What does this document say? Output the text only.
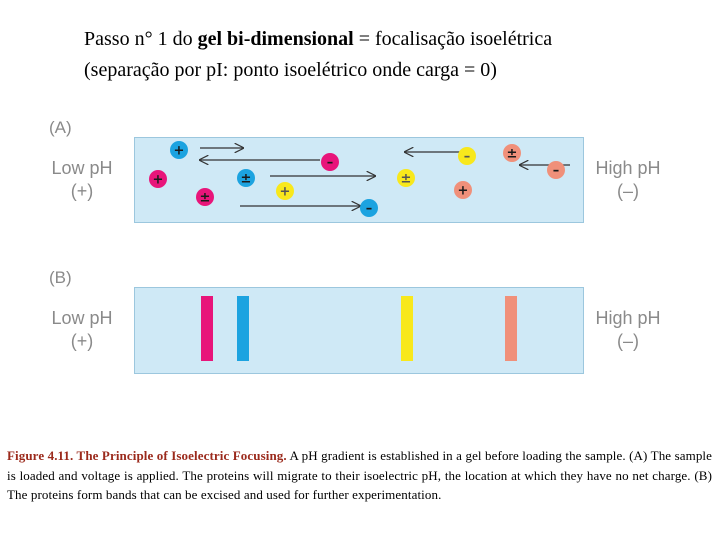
Passo n° 1 do gel bi-dimensional = focalisação isoelétrica
(separação por pI: ponto isoelétrico onde carga = 0)
(A)
Low pH
(+)
High pH
(–)
(B)
Low pH
(+)
High pH
(–)
+
+
±
±
+
–
–
±
+
–	±
–
Figure 4.11. The Principle of Isoelectric Focusing. A pH gradient is established in a gel before loading the sample. (A) The sample is loaded and voltage is applied. The proteins will migrate to their isoelectric pH, the location at which they have no net charge. (B) The proteins form bands that can be excised and used for further experimentation.
